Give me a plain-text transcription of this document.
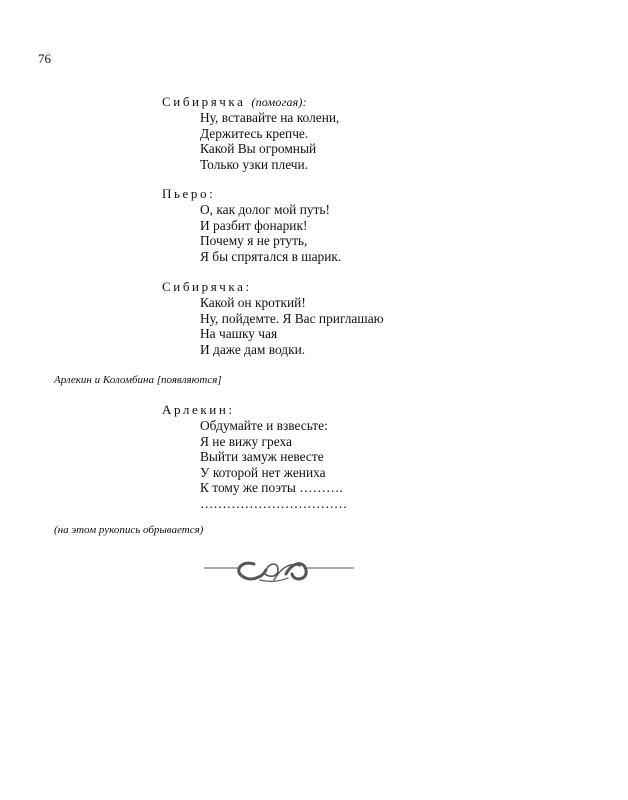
76
Сибирячка (помогая):
Ну, вставайте на колени,
Держитесь крепче.
Какой Вы огромный
Только узки плечи.
Пьеро:
О, как долог мой путь!
И разбит фонарик!
Почему я не ртуть,
Я бы спрятался в шарик.
Сибирячка:
Какой он кроткий!
Ну, пойдемте. Я Вас приглашаю
На чашку чая
И даже дам водки.
Арлекин и Коломбина [появляются]
Арлекин:
Обдумайте и взвесьте:
Я не вижу греха
Выйти замуж невесте
У которой нет жениха
К тому же поэты ……….
……………………………
(на этом рукопись обрывается)
